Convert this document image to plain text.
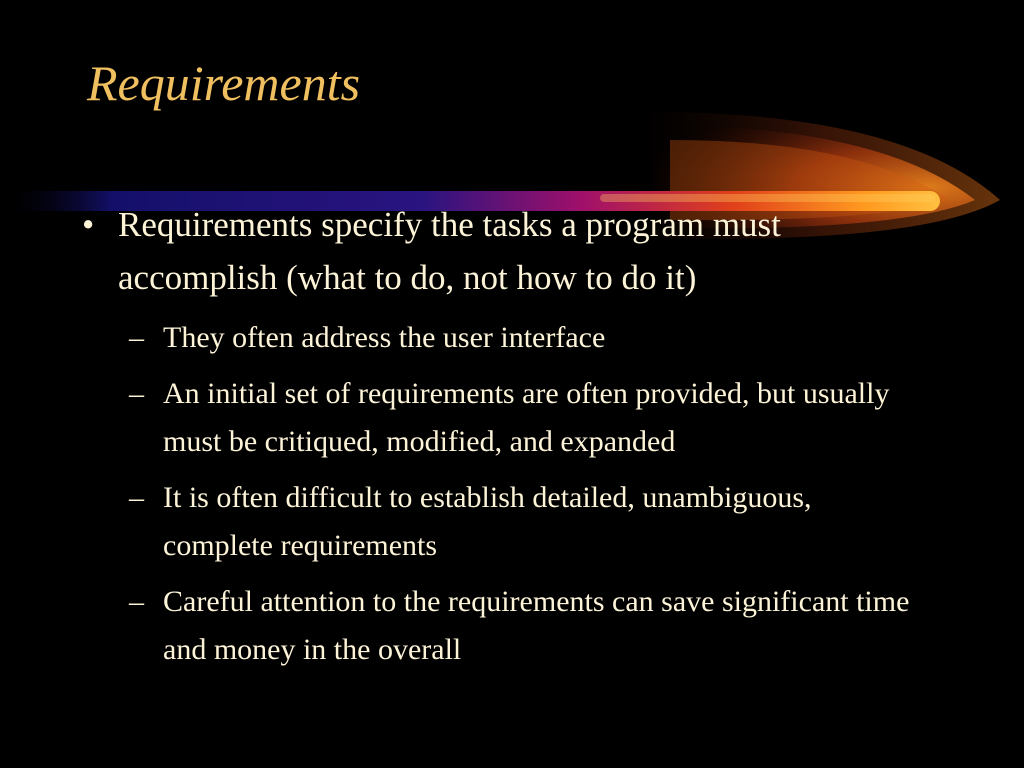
Requirements
• Requirements specify the tasks a program must accomplish (what to do, not how to do it)
– They often address the user interface
– An initial set of requirements are often provided, but usually must be critiqued, modified, and expanded
– It is often difficult to establish detailed, unambiguous, complete requirements
– Careful attention to the requirements can save significant time and money in the overall
